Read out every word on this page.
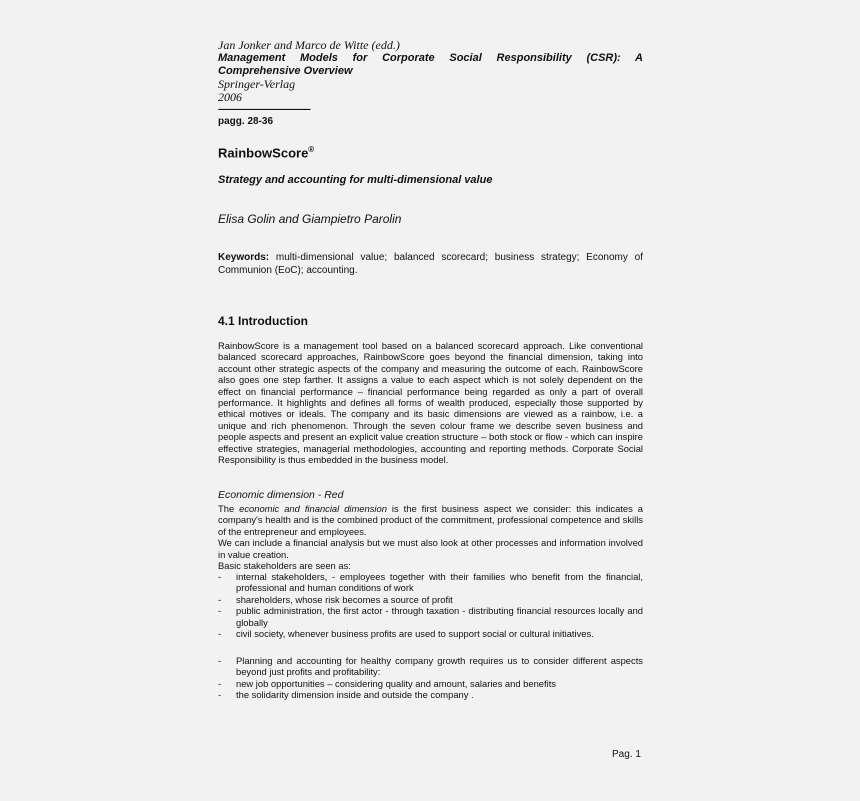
Jan Jonker and Marco de Witte (edd.)
Management Models for Corporate Social Responsibility (CSR): A
Comprehensive Overview
Springer-Verlag
2006
----------------------------------------------
pagg. 28-36
RainbowScore®
Strategy and accounting for multi-dimensional value
Elisa Golin and Giampietro Parolin
Keywords: multi-dimensional value; balanced scorecard; business strategy; Economy of Communion (EoC); accounting.
4.1 Introduction
RainbowScore is a management tool based on a balanced scorecard approach. Like conventional balanced scorecard approaches, RainbowScore goes beyond the financial dimension, taking into account other strategic aspects of the company and measuring the outcome of each. RainbowScore also goes one step farther. It assigns a value to each aspect which is not solely dependent on the effect on financial performance – financial performance being regarded as only a part of overall performance. It highlights and defines all forms of wealth produced, especially those supported by ethical motives or ideals. The company and its basic dimensions are viewed as a rainbow, i.e. a unique and rich phenomenon. Through the seven colour frame we describe seven business and people aspects and present an explicit value creation structure – both stock or flow - which can inspire effective strategies, managerial methodologies, accounting and reporting methods. Corporate Social Responsibility is thus embedded in the business model.
Economic dimension - Red
The economic and financial dimension is the first business aspect we consider: this indicates a company's health and is the combined product of the commitment, professional competence and skills of the entrepreneur and employees.
We can include a financial analysis but we must also look at other processes and information involved in value creation.
Basic stakeholders are seen as:
- internal stakeholders, - employees together with their families who benefit from the financial, professional and human conditions of work
- shareholders, whose risk becomes a source of profit
- public administration, the first actor - through taxation - distributing financial resources locally and globally
- civil society, whenever business profits are used to support social or cultural initiatives.
- Planning and accounting for healthy company growth requires us to consider different aspects beyond just profits and profitability:
- new job opportunities – considering quality and amount, salaries and benefits
- the solidarity dimension inside and outside the company .
Pag. 1
